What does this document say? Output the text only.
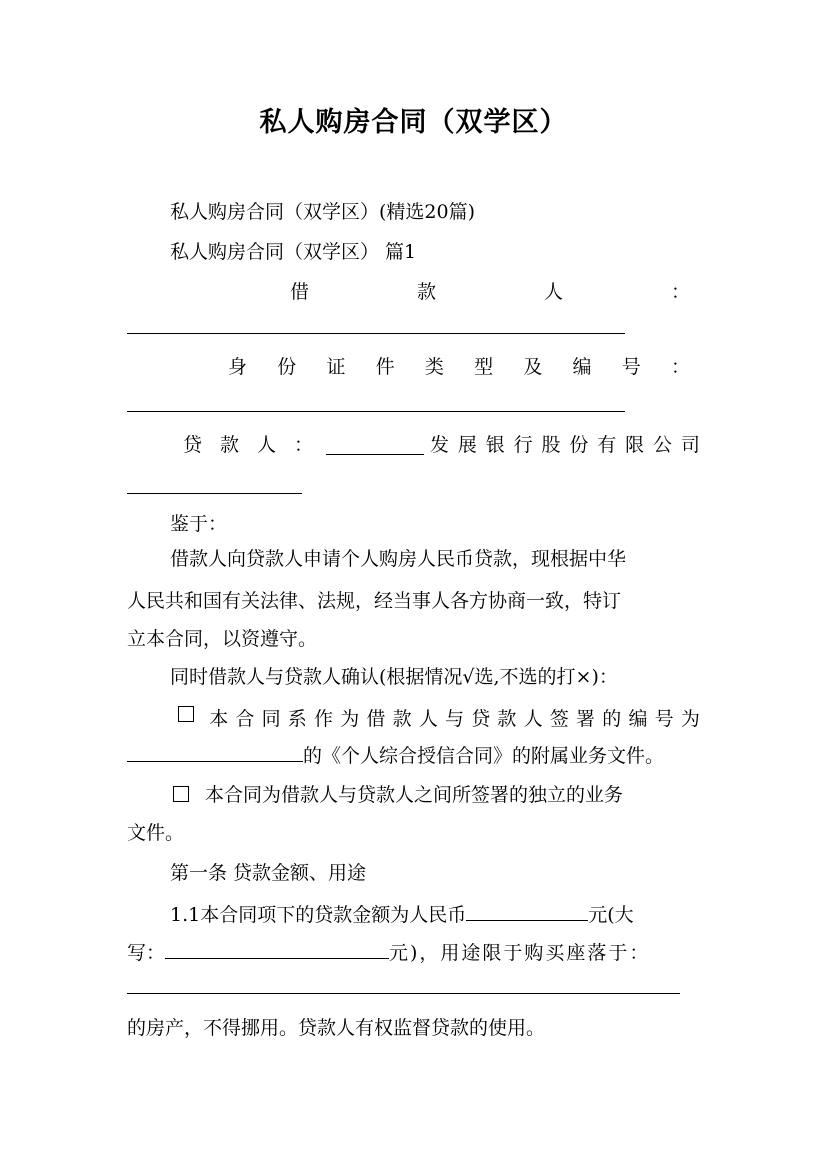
私人购房合同（双学区）
私人购房合同（双学区）(精选20篇)
私人购房合同（双学区） 篇1
借	款	人	：
身 份 证 件 类 型 及 编 号 ：
贷 款 人 ：	发 展 银 行 股 份 有 限 公 司
鉴于：
借款人向贷款人申请个人购房人民币贷款，现根据中华
人民共和国有关法律、法规，经当事人各方协商一致，特订
立本合同，以资遵守。
同时借款人与贷款人确认(根据情况√选,不选的打×)：
本 合 同 系 作 为 借 款 人 与 贷 款 人 签 署 的 编 号 为
的《个人综合授信合同》的附属业务文件。
本合同为借款人与贷款人之间所签署的独立的业务
文件。
第一条 贷款金额、用途
1.1本合同项下的贷款金额为人民币	元(大
写：	元)，用途限于购买座落于：
的房产，不得挪用。贷款人有权监督贷款的使用。
